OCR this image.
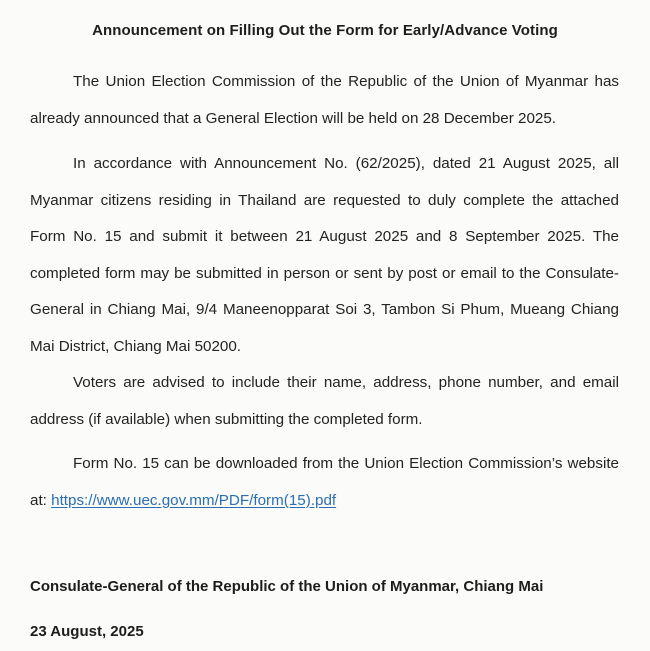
Announcement on Filling Out the Form for Early/Advance Voting
The Union Election Commission of the Republic of the Union of Myanmar has already announced that a General Election will be held on 28 December 2025.
In accordance with Announcement No. (62/2025), dated 21 August 2025, all Myanmar citizens residing in Thailand are requested to duly complete the attached Form No. 15 and submit it between 21 August 2025 and 8 September 2025. The completed form may be submitted in person or sent by post or email to the Consulate-General in Chiang Mai, 9/4 Maneenopparat Soi 3, Tambon Si Phum, Mueang Chiang Mai District, Chiang Mai 50200.
Voters are advised to include their name, address, phone number, and email address (if available) when submitting the completed form.
Form No. 15 can be downloaded from the Union Election Commission’s website at: https://www.uec.gov.mm/PDF/form(15).pdf
Consulate-General of the Republic of the Union of Myanmar, Chiang Mai
23 August, 2025
